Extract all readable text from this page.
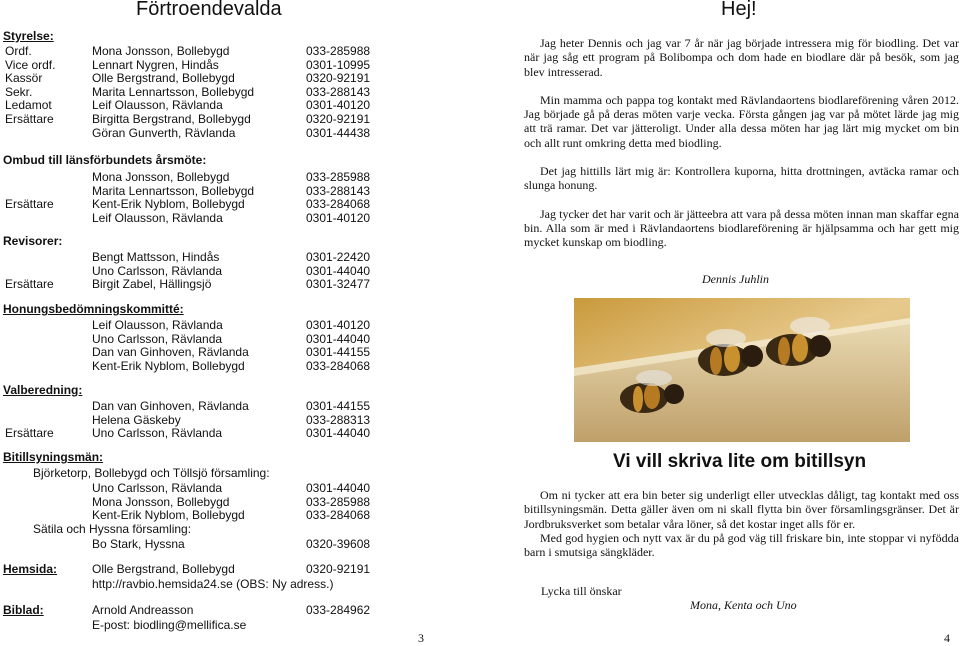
Förtroendevalda
Styrelse:
Ordf.	Mona Jonsson, Bollebygd	033-285988
Vice ordf.	Lennart Nygren, Hindås	0301-10995
Kassör	Olle Bergstrand, Bollebygd	0320-92191
Sekr.	Marita Lennartsson, Bollebygd	033-288143
Ledamot	Leif Olausson, Rävlanda	0301-40120
Ersättare	Birgitta Bergstrand, Bollebygd	0320-92191
Göran Gunverth, Rävlanda	0301-44438
Ombud till länsförbundets årsmöte:
Mona Jonsson, Bollebygd	033-285988
Marita Lennartsson, Bollebygd	033-288143
Ersättare	Kent-Erik Nyblom, Bollebygd	033-284068
Leif Olausson, Rävlanda	0301-40120
Revisorer:
Bengt Mattsson, Hindås	0301-22420
Uno Carlsson, Rävlanda	0301-44040
Ersättare	Birgit Zabel, Hällingsjö	0301-32477
Honungsbedömningskommitté:
Leif Olausson, Rävlanda	0301-40120
Uno Carlsson, Rävlanda	0301-44040
Dan van Ginhoven, Rävlanda	0301-44155
Kent-Erik Nyblom, Bollebygd	033-284068
Valberedning:
Dan van Ginhoven, Rävlanda	0301-44155
Helena Gäskeby	033-288313
Ersättare	Uno Carlsson, Rävlanda	0301-44040
Bitillsyningsmän:
Björketorp, Bollebygd och Töllsjö församling:
Uno Carlsson, Rävlanda	0301-44040
Mona Jonsson, Bollebygd	033-285988
Kent-Erik Nyblom, Bollebygd	033-284068
Sätila och Hyssna församling:
Bo Stark, Hyssna	0320-39608
Hemsida:	Olle Bergstrand, Bollebygd	0320-92191
http://ravbio.hemsida24.se (OBS: Ny adress.)
Biblad:	Arnold Andreasson	033-284962
E-post: biodling@mellifica.se
3
Hej!

Jag heter Dennis och jag var 7 år när jag började intressera mig för biodling. Det var när jag såg ett program på Bolibompa och dom hade en biodlare där på besök, som jag blev intresserad.

Min mamma och pappa tog kontakt med Rävlandaortens biodlareförening våren 2012. Jag började gå på deras möten varje vecka. Första gången jag var på mötet lärde jag mig att trä ramar. Det var jätteroligt. Under alla dessa möten har jag lärt mig mycket om bin och allt runt omkring detta med biodling.

Det jag hittills lärt mig är: Kontrollera kuporna, hitta drottningen, avtäcka ramar och slunga honung.

Jag tycker det har varit och är jätteebra att vara på dessa möten innan man skaffar egna bin. Alla som är med i Rävlandaortens biodlareförening är hjälpsamma och har gett mig mycket kunskap om biodling.

Dennis Juhlin
Vi vill skriva lite om bitillsyn

Om ni tycker att era bin beter sig underligt eller utvecklas dåligt, tag kontakt med oss bitillsyningsmän. Detta gäller även om ni skall flytta bin över församlingsgränser. Det är Jordbruksverket som betalar våra löner, så det kostar inget alls för er.

Med god hygien och nytt vax är du på god väg till friskare bin, inte stoppar vi nyfödda barn i smutsiga sängkläder.

Lycka till önskar
Mona, Kenta och Uno
4
